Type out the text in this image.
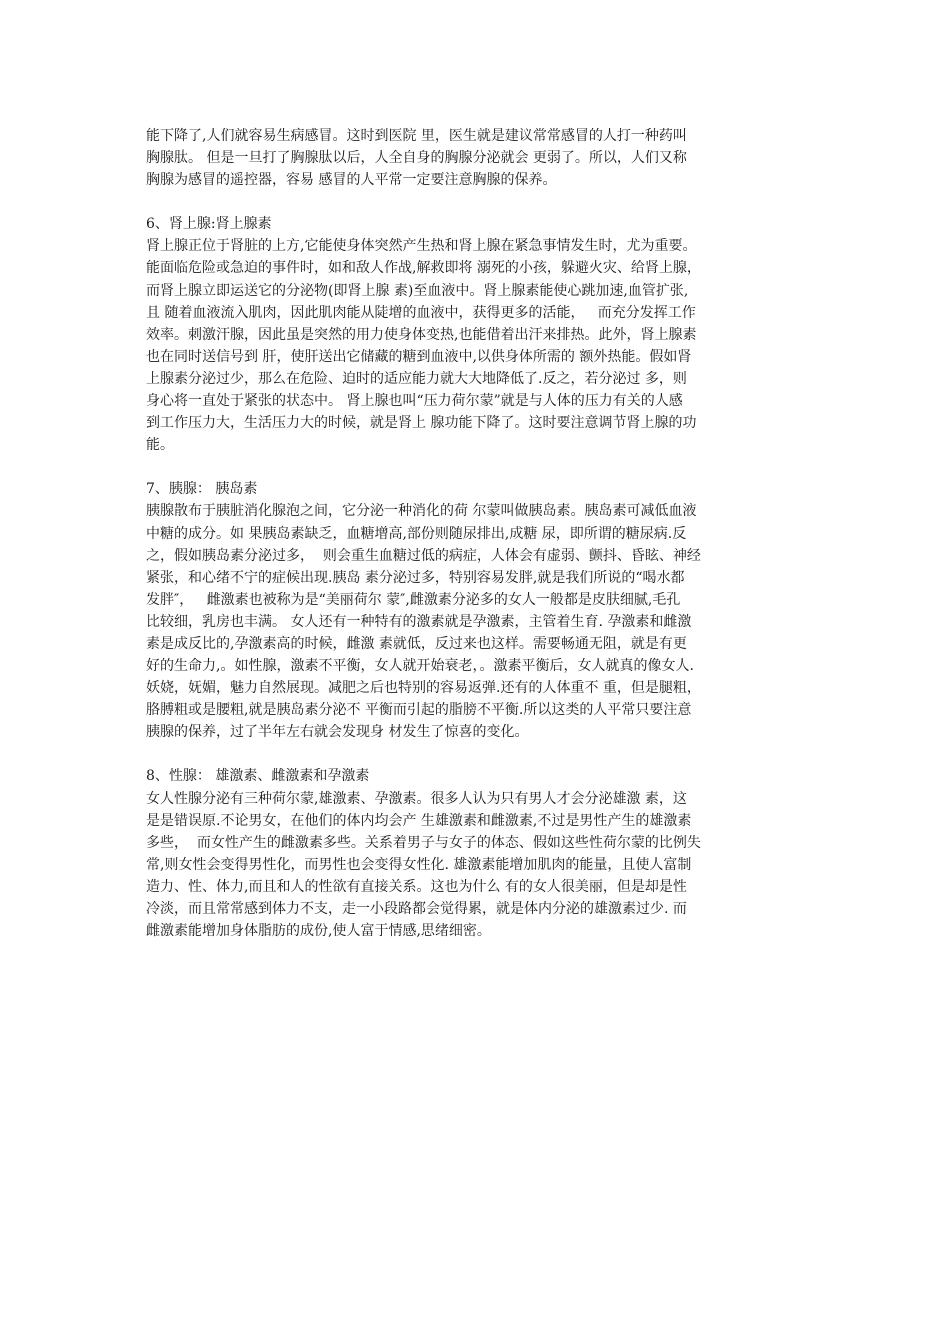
能下降了,人们就容易生病感冒。这时到医院 里，医生就是建议常常感冒的人打一种药叫
胸腺肽。 但是一旦打了胸腺肽以后，人全自身的胸腺分泌就会 更弱了。所以，人们又称
胸腺为感冒的遥控器，容易 感冒的人平常一定要注意胸腺的保养。
6、肾上腺:肾上腺素
肾上腺正位于肾脏的上方,它能使身体突然产生热和肾上腺在紧急事情发生时，尤为重要。
能面临危险或急迫的事件时，如和敌人作战,解救即将 溺死的小孩，躲避火灾、给肾上腺，
而肾上腺立即运送它的分泌物(即肾上腺 素)至血液中。肾上腺素能使心跳加速,血管扩张,
且 随着血液流入肌肉，因此肌肉能从陡增的血液中，获得更多的活能，   而充分发挥工作
效率。刺激汗腺，因此虽是突然的用力使身体变热,也能借着出汗来排热。此外，肾上腺素
也在同时送信号到 肝，使肝送出它储藏的糖到血液中,以供身体所需的 额外热能。假如肾
上腺素分泌过少，那么在危险、迫时的适应能力就大大地降低了.反之，若分泌过 多，则
身心将一直处于紧张的状态中。 肾上腺也叫“压力荷尔蒙”就是与人体的压力有关的人感
到工作压力大，生活压力大的时候，就是肾上 腺功能下降了。这时要注意调节肾上腺的功
能。
7、胰腺： 胰岛素
胰腺散布于胰脏消化腺泡之间，它分泌一种消化的荷 尔蒙叫做胰岛素。胰岛素可减低血液
中糖的成分。如 果胰岛素缺乏，血糖增高,部份则随尿排出,成糖 尿，即所谓的糖尿病.反
之，假如胰岛素分泌过多，  则会重生血糖过低的病症，人体会有虚弱、颤抖、昏眩、神经
紧张，和心绪不宁的症候出现.胰岛 素分泌过多，特别容易发胖,就是我们所说的“喝水都
发胖″，   雌激素也被称为是“美丽荷尔 蒙″,雌激素分泌多的女人一般都是皮肤细腻,毛孔
比较细，乳房也丰满。 女人还有一种特有的激素就是孕激素，主管着生育. 孕激素和雌激
素是成反比的,孕激素高的时候，雌激 素就低，反过来也这样。需要畅通无阻，就是有更
好的生命力,。如性腺，激素不平衡，女人就开始衰老，。激素平衡后，女人就真的像女人.
妖娆，妩媚，魅力自然展现。减肥之后也特别的容易返弹.还有的人体重不 重，但是腿粗，
胳膊粗或是腰粗,就是胰岛素分泌不 平衡而引起的脂膀不平衡.所以这类的人平常只要注意
胰腺的保养，过了半年左右就会发现身 材发生了惊喜的变化。
8、性腺： 雄激素、雌激素和孕激素
女人性腺分泌有三种荷尔蒙,雄激素、孕激素。很多人认为只有男人才会分泌雄激 素，这
是是错误原.不论男女，在他们的体内均会产 生雄激素和雌激素,不过是男性产生的雄激素
多些，  而女性产生的雌激素多些。关系着男子与女子的体态、假如这些性荷尔蒙的比例失
常,则女性会变得男性化，而男性也会变得女性化. 雄激素能增加肌肉的能量，且使人富制
造力、性、体力,而且和人的性欲有直接关系。这也为什么 有的女人很美丽，但是却是性
冷淡，而且常常感到体力不支，走一小段路都会觉得累，就是体内分泌的雄激素过少. 而
雌激素能增加身体脂肪的成份,使人富于情感,思绪细密。
